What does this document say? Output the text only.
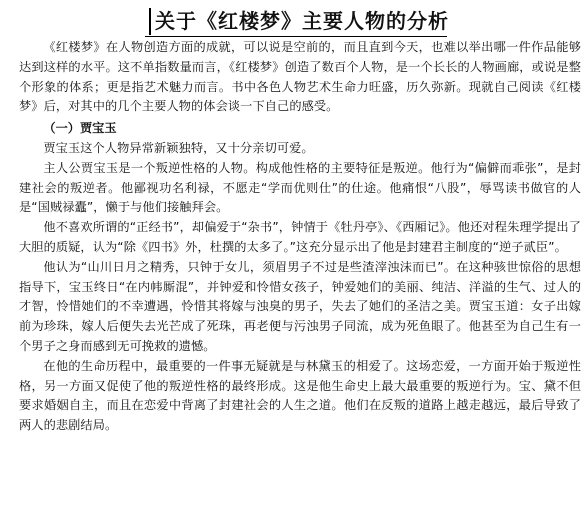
关于《红楼梦》主要人物的分析

《红楼梦》在人物创造方面的成就，可以说是空前的，而且直到今天，也难以举出哪一件作品能够达到这样的水平。这不单指数量而言，《红楼梦》创造了数百个人物，是一个长长的人物画廊，或说是整个形象的体系；更是指艺术魅力而言。书中各色人物艺术生命力旺盛，历久弥新。现就自己阅读《红楼梦》后，对其中的几个主要人物的体会谈一下自己的感受。

（一）贾宝玉

贾宝玉这个人物异常新颖独特，又十分亲切可爱。

主人公贾宝玉是一个叛逆性格的人物。构成他性格的主要特征是叛逆。他行为“偏僻而乖张”，是封建社会的叛逆者。他鄙视功名利禄，不愿走“学而优则仕”的仕途。他痛恨“八股”，辱骂读书做官的人是“国贼禄蠹”，懒于与他们接触拜会。

他不喜欢所谓的“正经书”，却偏爱于“杂书”，钟情于《牡丹亭》、《西厢记》。他还对程朱理学提出了大胆的质疑，认为“除《四书》外，杜撰的太多了。”这充分显示出了他是封建君主制度的“逆子贰臣”。

他认为“山川日月之精秀，只钟于女儿，须眉男子不过是些渣滓浊沫而已”。在这种骇世惊俗的思想指导下，宝玉终日“在内帏厮混”，并钟爱和怜惜女孩子，钟爱她们的美丽、纯洁、洋溢的生气、过人的才智，怜惜她们的不幸遭遇，怜惜其将嫁与浊臭的男子，失去了她们的圣洁之美。贾宝玉道：女子出嫁前为珍珠，嫁人后便失去光芒成了死珠，再老便与污浊男子同流，成为死鱼眼了。他甚至为自己生有一个男子之身而感到无可挽救的遗憾。

在他的生命历程中，最重要的一件事无疑就是与林黛玉的相爱了。这场恋爱，一方面开始于叛逆性格，另一方面又促使了他的叛逆性格的最终形成。这是他生命史上最大最重要的叛逆行为。宝、黛不但要求婚姻自主，而且在恋爱中背离了封建社会的人生之道。他们在反叛的道路上越走越远，最后导致了两人的悲剧结局。
